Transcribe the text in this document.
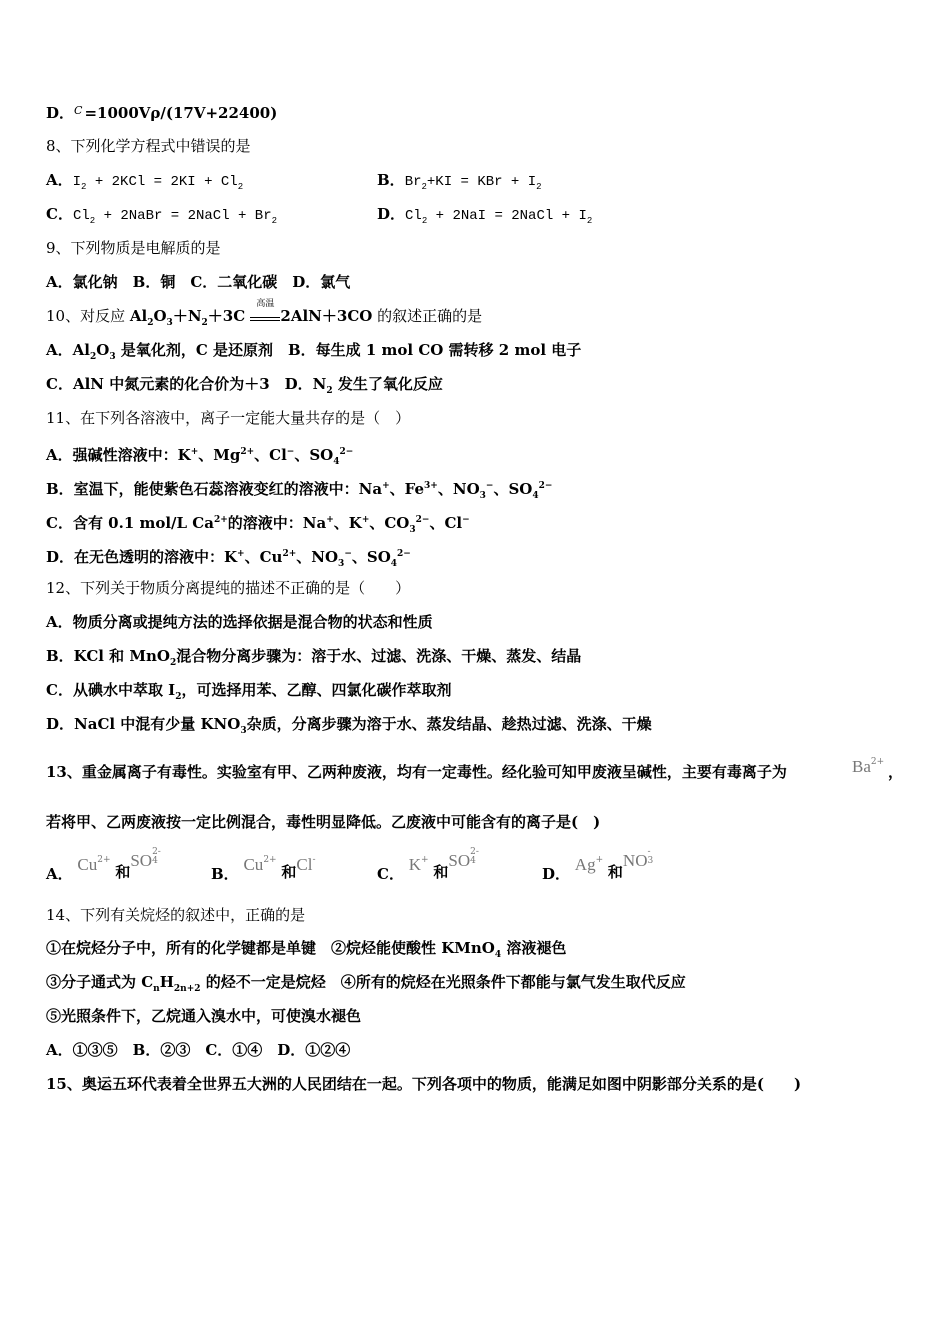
D．$^C$ =1000Vρ/(17V+22400)
8、下列化学方程式中错误的是
A．$I_2 + 2KCl = 2KI + Cl_2$	B．$Br_2+KI$ = KBr + $I_2$
C．$Cl_2$ + 2NaBr = 2NaCl + $Br_2$	D．$Cl_2 + 2NaI$ = 2NaCl + $I_2$
9、下列物质是电解质的是
A．氯化钠　B．铜　C．二氧化碳　D．氯气
10、对反应 $Al_2O_3+N_2+3C$
高温
2AlN＋3CO 的叙述正确的是
A．$Al_2O_3$ 是氧化剂，C 是还原剂　B．每生成 1 mol CO 需转移 2 mol 电子
C．AlN 中氮元素的化合价为＋3　D．$N_2$ 发生了氧化反应
11、在下列各溶液中，离子一定能大量共存的是（　）
A．强碱性溶液中：K+、$Mg^{2+}$、Cl−、$SO_4^{2-}$
B．室温下，能使紫色石蕊溶液变红的溶液中：Na+、$Fe^{3+}$、$NO_3^-$、$SO_4^{2-}$
C．含有 0.1 mol/L $Ca^{2+}$的溶液中：Na+、K+、$CO_3^{2-}$、Cl−
D．在无色透明的溶液中：K+、$Cu^{2+}$、$NO_3^-$、$SO_4^{2-}$
12、下列关于物质分离提纯的描述不正确的是（　　）
A．物质分离或提纯方法的选择依据是混合物的状态和性质
B．KCl 和 MnO$_2$混合物分离步骤为：溶于水、过滤、洗涤、干燥、蒸发、结晶
C．从碘水中萃取 $I_2$，可选择用苯、乙醇、四氯化碳作萃取剂
D．NaCl 中混有少量 $KNO_3$杂质，分离步骤为溶于水、蒸发结晶、趁热过滤、洗涤、干燥
13、重金属离子有毒性。实验室有甲、乙两种废液，均有一定毒性。经化验可知甲废液呈碱性，主要有毒离子为	$Ba^{2+}$
，
若将甲、乙两废液按一定比例混合，毒性明显降低。乙废液中可能含有的离子是(　)
A． $Cu^{2+}$ 和SO 2-
4
B． $Cu^{2+}$ 和Cl-
C． K+ 和SO 2-
4
D． Ag+ 和NO -
3
14、下列有关烷烃的叙述中，正确的是
①在烷烃分子中，所有的化学键都是单键　②烷烃能使酸性 KMnO$_4$ 溶液褪色
③分子通式为 $C_nH_{2n+2}$ 的烃不一定是烷烃　④所有的烷烃在光照条件下都能与氯气发生取代反应
⑤光照条件下，乙烷通入溴水中，可使溴水褪色
A．①③⑤　B．②③　C．①④　D．①②④
15、奥运五环代表着全世界五大洲的人民团结在一起。下列各项中的物质，能满足如图中阴影部分关系的是(　　)
